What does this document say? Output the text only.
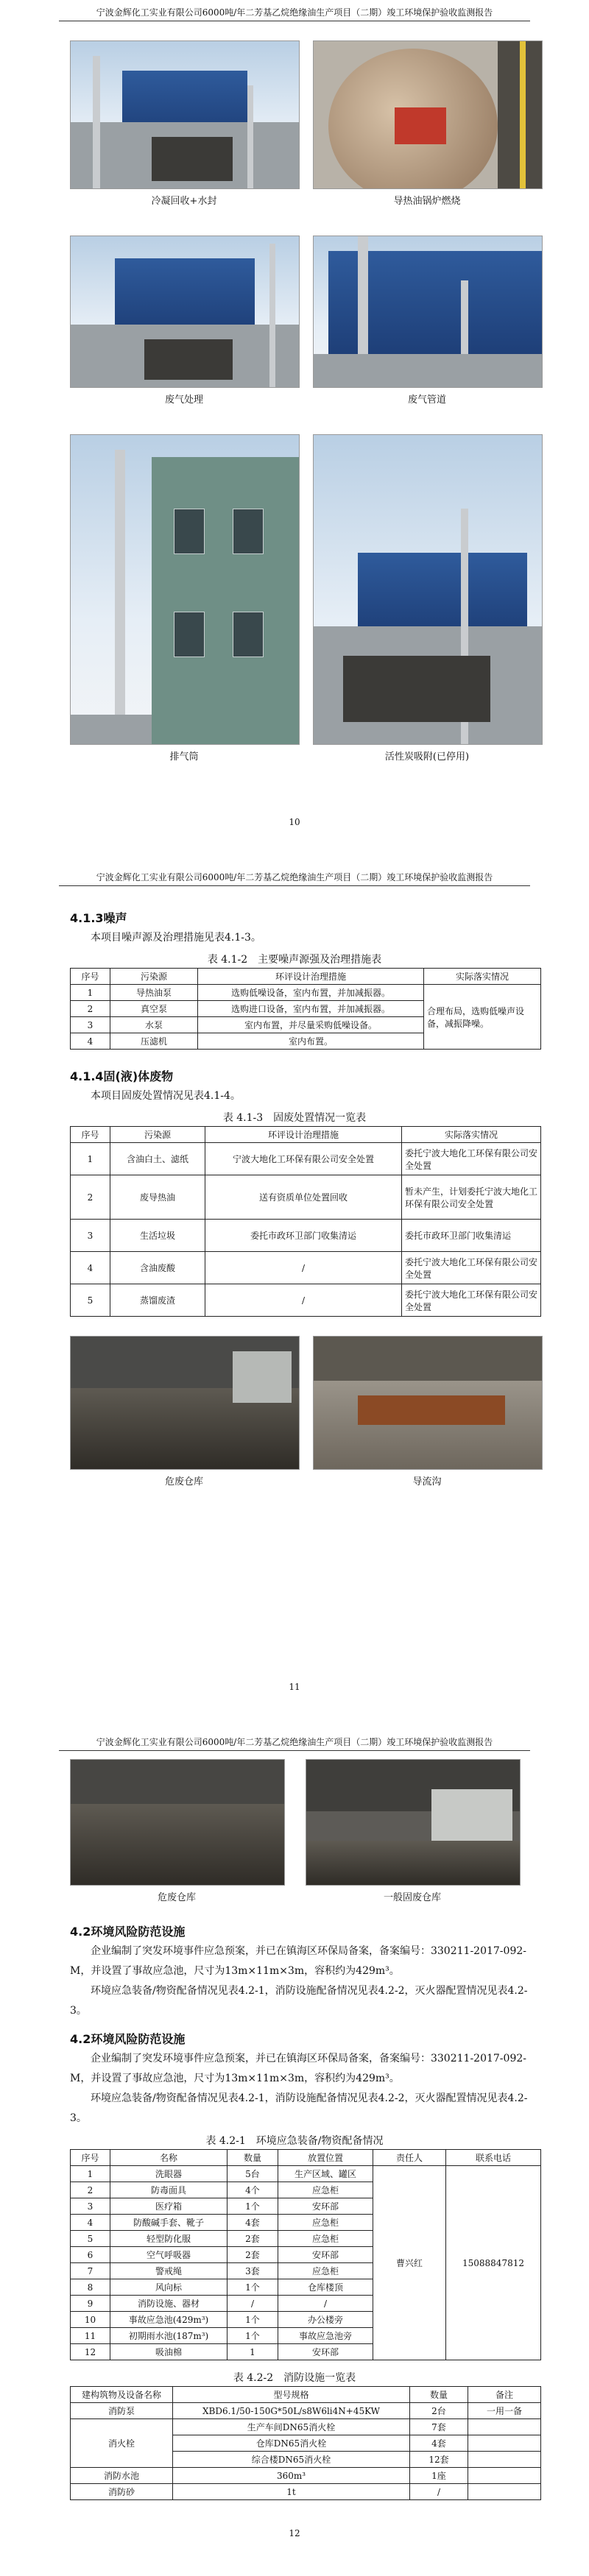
宁波金辉化工实业有限公司6000吨/年二芳基乙烷绝缘油生产项目（二期）竣工环境保护验收监测报告
冷凝回收+水封	导热油锅炉燃烧
废气处理	废气管道
排气筒	活性炭吸附(已停用)
10
宁波金辉化工实业有限公司6000吨/年二芳基乙烷绝缘油生产项目（二期）竣工环境保护验收监测报告
4.1.3噪声
本项目噪声源及治理措施见表4.1-3。
表 4.1-2　主要噪声源强及治理措施表
序号	污染源	环评设计治理措施	实际落实情况
1	导热油泵	选购低噪设备，室内布置，并加减振器。	合理布局，选购低噪声设备，减振降噪。
2	真空泵	选购进口设备，室内布置，并加减振器。	
3	水泵	室内布置，并尽量采购低噪设备。	
4	压滤机	室内布置。	
4.1.4固(液)体废物
本项目固废处置情况见表4.1-4。
表 4.1-3　固废处置情况一览表
序号	污染源	环评设计治理措施	实际落实情况
1	含油白土、滤纸	宁波大地化工环保有限公司安全处置	委托宁波大地化工环保有限公司安全处置
2	废导热油	送有资质单位处置回收	暂未产生，计划委托宁波大地化工环保有限公司安全处置
3	生活垃圾	委托市政环卫部门收集清运	委托市政环卫部门收集清运
4	含油废酸	/	委托宁波大地化工环保有限公司安全处置
5	蒸馏废渣	/	委托宁波大地化工环保有限公司安全处置
危废仓库	导流沟
11
宁波金辉化工实业有限公司6000吨/年二芳基乙烷绝缘油生产项目（二期）竣工环境保护验收监测报告
危废仓库	一般固废仓库
4.2环境风险防范设施
企业编制了突发环境事件应急预案，并已在镇海区环保局备案，备案编号：330211-2017-092-M，并设置了事故应急池，尺寸为13m×11m×3m，容积约为429m³。
环境应急装备/物资配备情况见表4.2-1，消防设施配备情况见表4.2-2，灭火器配置情况见表4.2-3。
4.2环境风险防范设施
企业编制了突发环境事件应急预案，并已在镇海区环保局备案，备案编号：330211-2017-092-M，并设置了事故应急池，尺寸为13m×11m×3m，容积约为429m³。
环境应急装备/物资配备情况见表4.2-1，消防设施配备情况见表4.2-2，灭火器配置情况见表4.2-3。
表 4.2-1　环境应急装备/物资配备情况
序号	名称	数量	放置位置	责任人	联系电话
1	洗眼器	5台	生产区域、罐区	曹兴红	15088847812
2	防毒面具	4个	应急柜		
3	医疗箱	1个	安环部		
4	防酸碱手套、靴子	4套	应急柜		
5	轻型防化服	2套	应急柜		
6	空气呼吸器	2套	安环部		
7	警戒绳	3套	应急柜		
8	风向标	1个	仓库楼顶		
9	消防设施、器材	/	/		
10	事故应急池(429m³)	1个	办公楼旁		
11	初期雨水池(187m³)	1个	事故应急池旁		
12	吸油棉	1	安环部		
表 4.2-2　消防设施一览表
建构筑物及设备名称	型号规格	数量	备注
消防泵	XBD6.1/50-150G*50L/s8W6li4N+45KW	2台	一用一备
消火栓	生产车间DN65消火栓	7套	
	仓库DN65消火栓	4套	
	综合楼DN65消火栓	12套	
消防水池	360m³	1座	
消防砂	1t	/	
12
